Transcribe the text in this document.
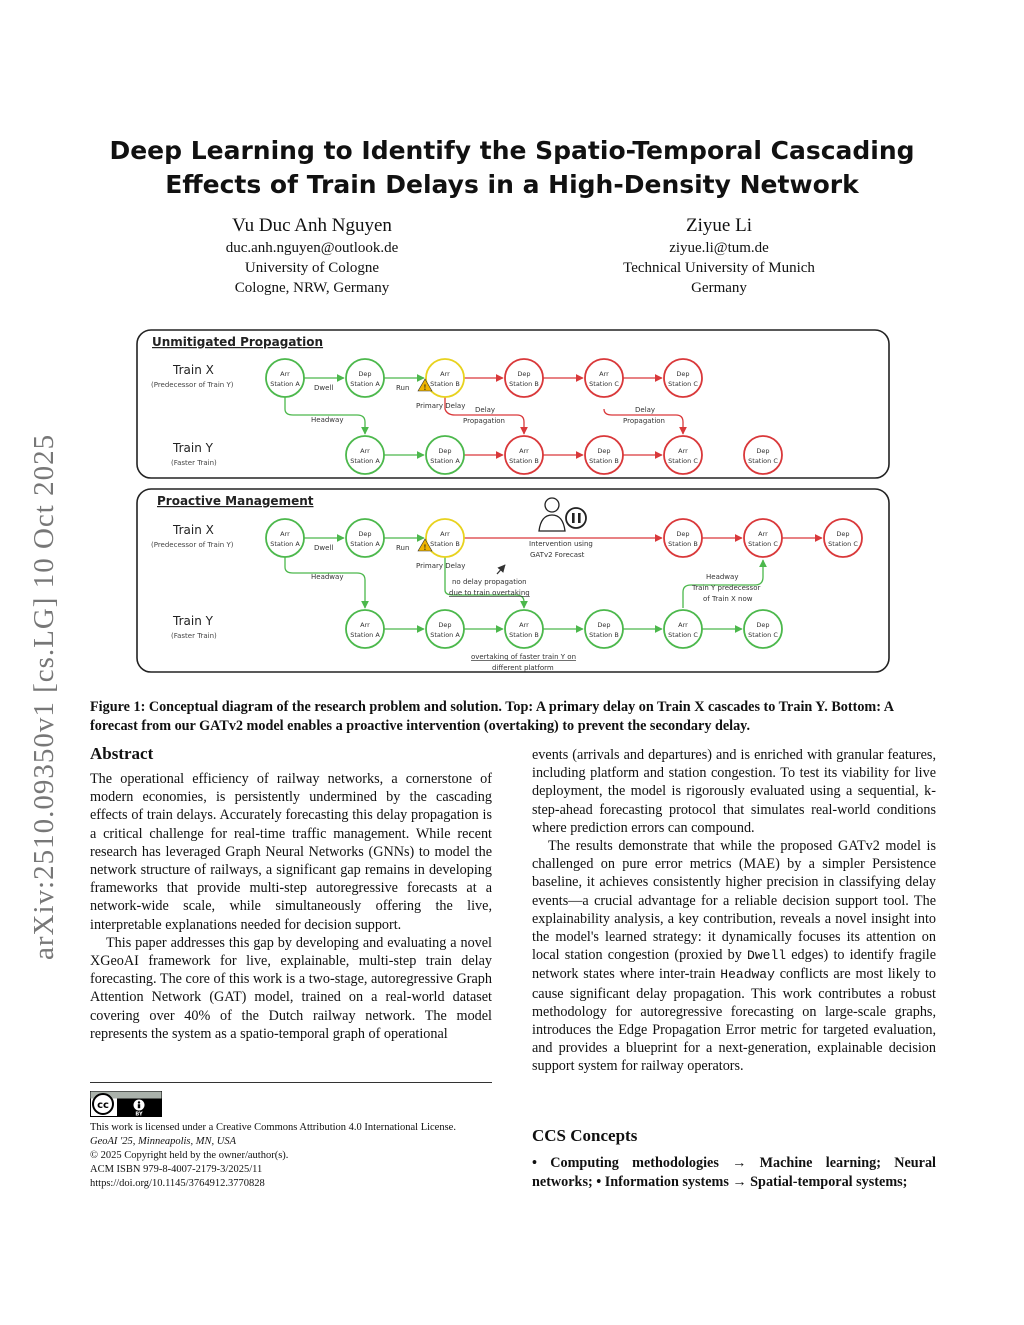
arXiv:2510.09350v1 [cs.LG] 10 Oct 2025
Deep Learning to Identify the Spatio-Temporal Cascading Effects of Train Delays in a High-Density Network
Vu Duc Anh Nguyen
duc.anh.nguyen@outlook.de
University of Cologne
Cologne, NRW, Germany
Ziyue Li
ziyue.li@tum.de
Technical University of Munich
Germany
Unmitigated Propagation
Train X
(Predecessor of Train Y)
Train Y
(Faster Train)
Arr
Station A
Dep
Station A
Arr
Station B
Dep
Station B
Arr
Station C
Dep
Station C
Arr
Station A
Dep
Station A
Arr
Station B
Dep
Station B
Arr
Station C
Dep
Station C
Dwell	Run !
Primary Delay
Headway
Delay
Propagation
Delay
Propagation
Proactive Management
Train X
(Predecessor of Train Y)
Train Y
(Faster Train)
Arr
Station A
Dep
Station A
Arr
Station B
Dep
Station B
Arr
Station C
Dep
Station C
Arr
Station A
Dep
Station A
Arr
Station B
Dep
Station B
Arr
Station C
Dep
Station C
Dwell	Run !
Primary Delay
Headway
Intervention using
GATv2 Forecast
no delay propagation
due to train overtaking
Headway
Train Y predecessor
of Train X now
overtaking of faster train Y on
different platform

Figure 1: Conceptual diagram of the research problem and solution. Top: A primary delay on Train X cascades to Train Y. Bottom: A forecast from our GATv2 model enables a proactive intervention (overtaking) to prevent the secondary delay.

Abstract

The operational efficiency of railway networks, a cornerstone of modern economies, is persistently undermined by the cascading effects of train delays. Accurately forecasting this delay propagation is a critical challenge for real-time traffic management. While recent research has leveraged Graph Neural Networks (GNNs) to model the network structure of railways, a significant gap remains in developing frameworks that provide multi-step autoregressive forecasts at a network-wide scale, while simultaneously offering the live, interpretable explanations needed for decision support.

This paper addresses this gap by developing and evaluating a novel XGeoAI framework for live, explainable, multi-step train delay forecasting. The core of this work is a two-stage, autoregressive Graph Attention Network (GAT) model, trained on a real-world dataset covering over 40% of the Dutch railway network. The model represents the system as a spatio-temporal graph of operational

events (arrivals and departures) and is enriched with granular features, including platform and station congestion. To test its viability for live deployment, the model is rigorously evaluated using a sequential, k-step-ahead forecasting protocol that simulates real-world conditions where prediction errors can compound.

The results demonstrate that while the proposed GATv2 model is challenged on pure error metrics (MAE) by a simpler Persistence baseline, it achieves consistently higher precision in classifying delay events—a crucial advantage for a reliable decision support tool. The explainability analysis, a key contribution, reveals a novel insight into the model's learned strategy: it dynamically focuses its attention on local station congestion (proxied by Dwell edges) to identify fragile network states where inter-train Headway conflicts are most likely to cause significant delay propagation. This work contributes a robust methodology for autoregressive forecasting on large-scale graphs, introduces the Edge Propagation Error metric for targeted evaluation, and provides a blueprint for a next-generation, explainable decision support system for railway operators.

cc
BY
This work is licensed under a Creative Commons Attribution 4.0 International License.
GeoAI '25, Minneapolis, MN, USA
© 2025 Copyright held by the owner/author(s).
ACM ISBN 979-8-4007-2179-3/2025/11
https://doi.org/10.1145/3764912.3770828
CCS Concepts

• Computing methodologies → Machine learning; Neural networks; • Information systems → Spatial-temporal systems;
